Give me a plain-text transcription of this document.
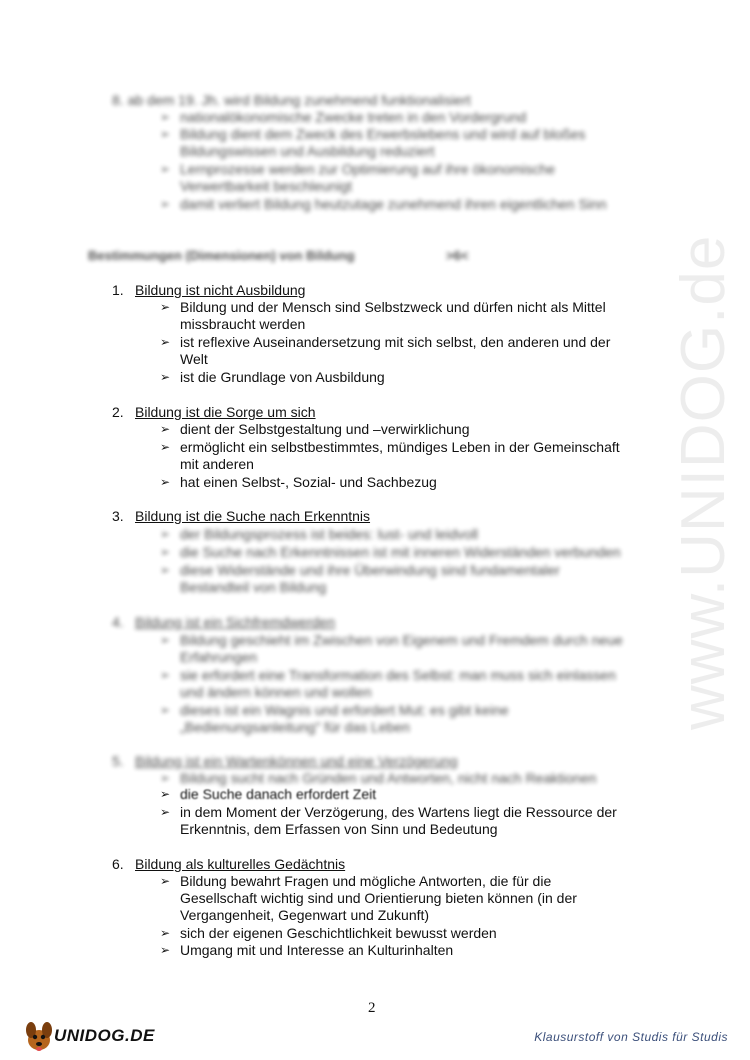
www.UNIDOG.de
8. ab dem 19. Jh. wird Bildung zunehmend funktionalisiert
➢ nationalökonomische Zwecke treten in den Vordergrund
➢ Bildung dient dem Zweck des Erwerbslebens und wird auf bloßes
Bildungswissen und Ausbildung reduziert
➢ Lernprozesse werden zur Optimierung auf ihre ökonomische
Verwertbarkeit beschleunigt
➢ damit verliert Bildung heutzutage zunehmend ihren eigentlichen Sinn
Bestimmungen (Dimensionen) von Bildung	>6<
1. Bildung ist nicht Ausbildung
➢ Bildung und der Mensch sind Selbstzweck und dürfen nicht als Mittel
missbraucht werden
➢ ist reflexive Auseinandersetzung mit sich selbst, den anderen und der
Welt
➢ ist die Grundlage von Ausbildung
2. Bildung ist die Sorge um sich
➢ dient der Selbstgestaltung und –verwirklichung
➢ ermöglicht ein selbstbestimmtes, mündiges Leben in der Gemeinschaft
mit anderen
➢ hat einen Selbst-, Sozial- und Sachbezug
3. Bildung ist die Suche nach Erkenntnis
➢ der Bildungsprozess ist beides: lust- und leidvoll
➢ die Suche nach Erkenntnissen ist mit inneren Widerständen verbunden
➢ diese Widerstände und ihre Überwindung sind fundamentaler
Bestandteil von Bildung
4. Bildung ist ein Sichfremdwerden
➢ Bildung geschieht im Zwischen von Eigenem und Fremdem durch neue
Erfahrungen
➢ sie erfordert eine Transformation des Selbst: man muss sich einlassen
und ändern können und wollen
➢ dieses ist ein Wagnis und erfordert Mut: es gibt keine
„Bedienungsanleitung" für das Leben
5. Bildung ist ein Wartenkönnen und eine Verzögerung
➢ Bildung sucht nach Gründen und Antworten, nicht nach Reaktionen
➢ die Suche danach erfordert Zeit
➢ in dem Moment der Verzögerung, des Wartens liegt die Ressource der
Erkenntnis, dem Erfassen von Sinn und Bedeutung
6. Bildung als kulturelles Gedächtnis
➢ Bildung bewahrt Fragen und mögliche Antworten, die für die
Gesellschaft wichtig sind und Orientierung bieten können (in der
Vergangenheit, Gegenwart und Zukunft)
➢ sich der eigenen Geschichtlichkeit bewusst werden
➢ Umgang mit und Interesse an Kulturinhalten
2
UNIDOG.DE	Klausurstoff von Studis für Studis
